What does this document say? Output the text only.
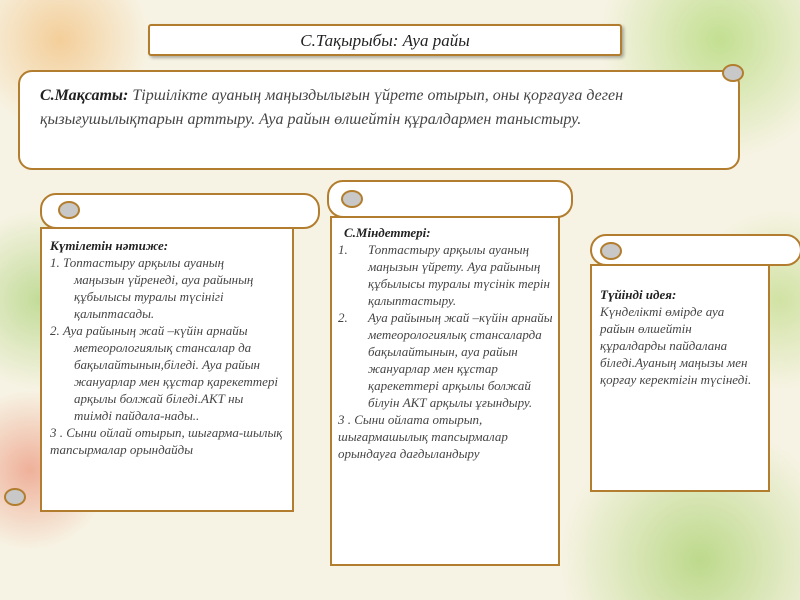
С.Тақырыбы: Ауа райы
С.Мақсаты: Тіршілікте ауаның маңыздылығын үйрете отырып, оны қорғауға деген қызығушылықтарын арттыру. Ауа райын өлшейтін құралдармен таныстыру.
Күтілетін нәтиже:
1. Топтастыру арқылы ауаның
маңызын үйренеді, ауа райының құбылысы туралы түсінігі қалыптасады.
2. Ауа райының жай –күйін арнайы
метеорологиялық стансалар да бақылайтынын,біледі. Ауа райын жануарлар мен құстар қарекеттері арқылы болжай біледі.АКТ ны тиімді пайдала-нады..
3 . Сыни ойлай отырып, шығарма-шылық тапсырмалар орындайды
С.Міндеттері:
1.	Топтастыру арқылы ауаның маңызын үйрету. Ауа райының құбылысы туралы түсінік терін қалыптастыру.
2.	Ауа райының жай –күйін арнайы метеорологиялық стансаларда бақылайтынын, ауа райын жануарлар мен құстар қарекеттері арқылы болжай білуін АКТ арқылы ұғындыру.
3 . Сыни ойлата отырып, шығармашылық тапсырмалар орындауға дағдыландыру
Түйінді идея:
Күнделікті өмірде ауа райын өлшейтін құралдарды пайдалана біледі.Ауаның маңызы мен қорғау керектігін түсінеді.
